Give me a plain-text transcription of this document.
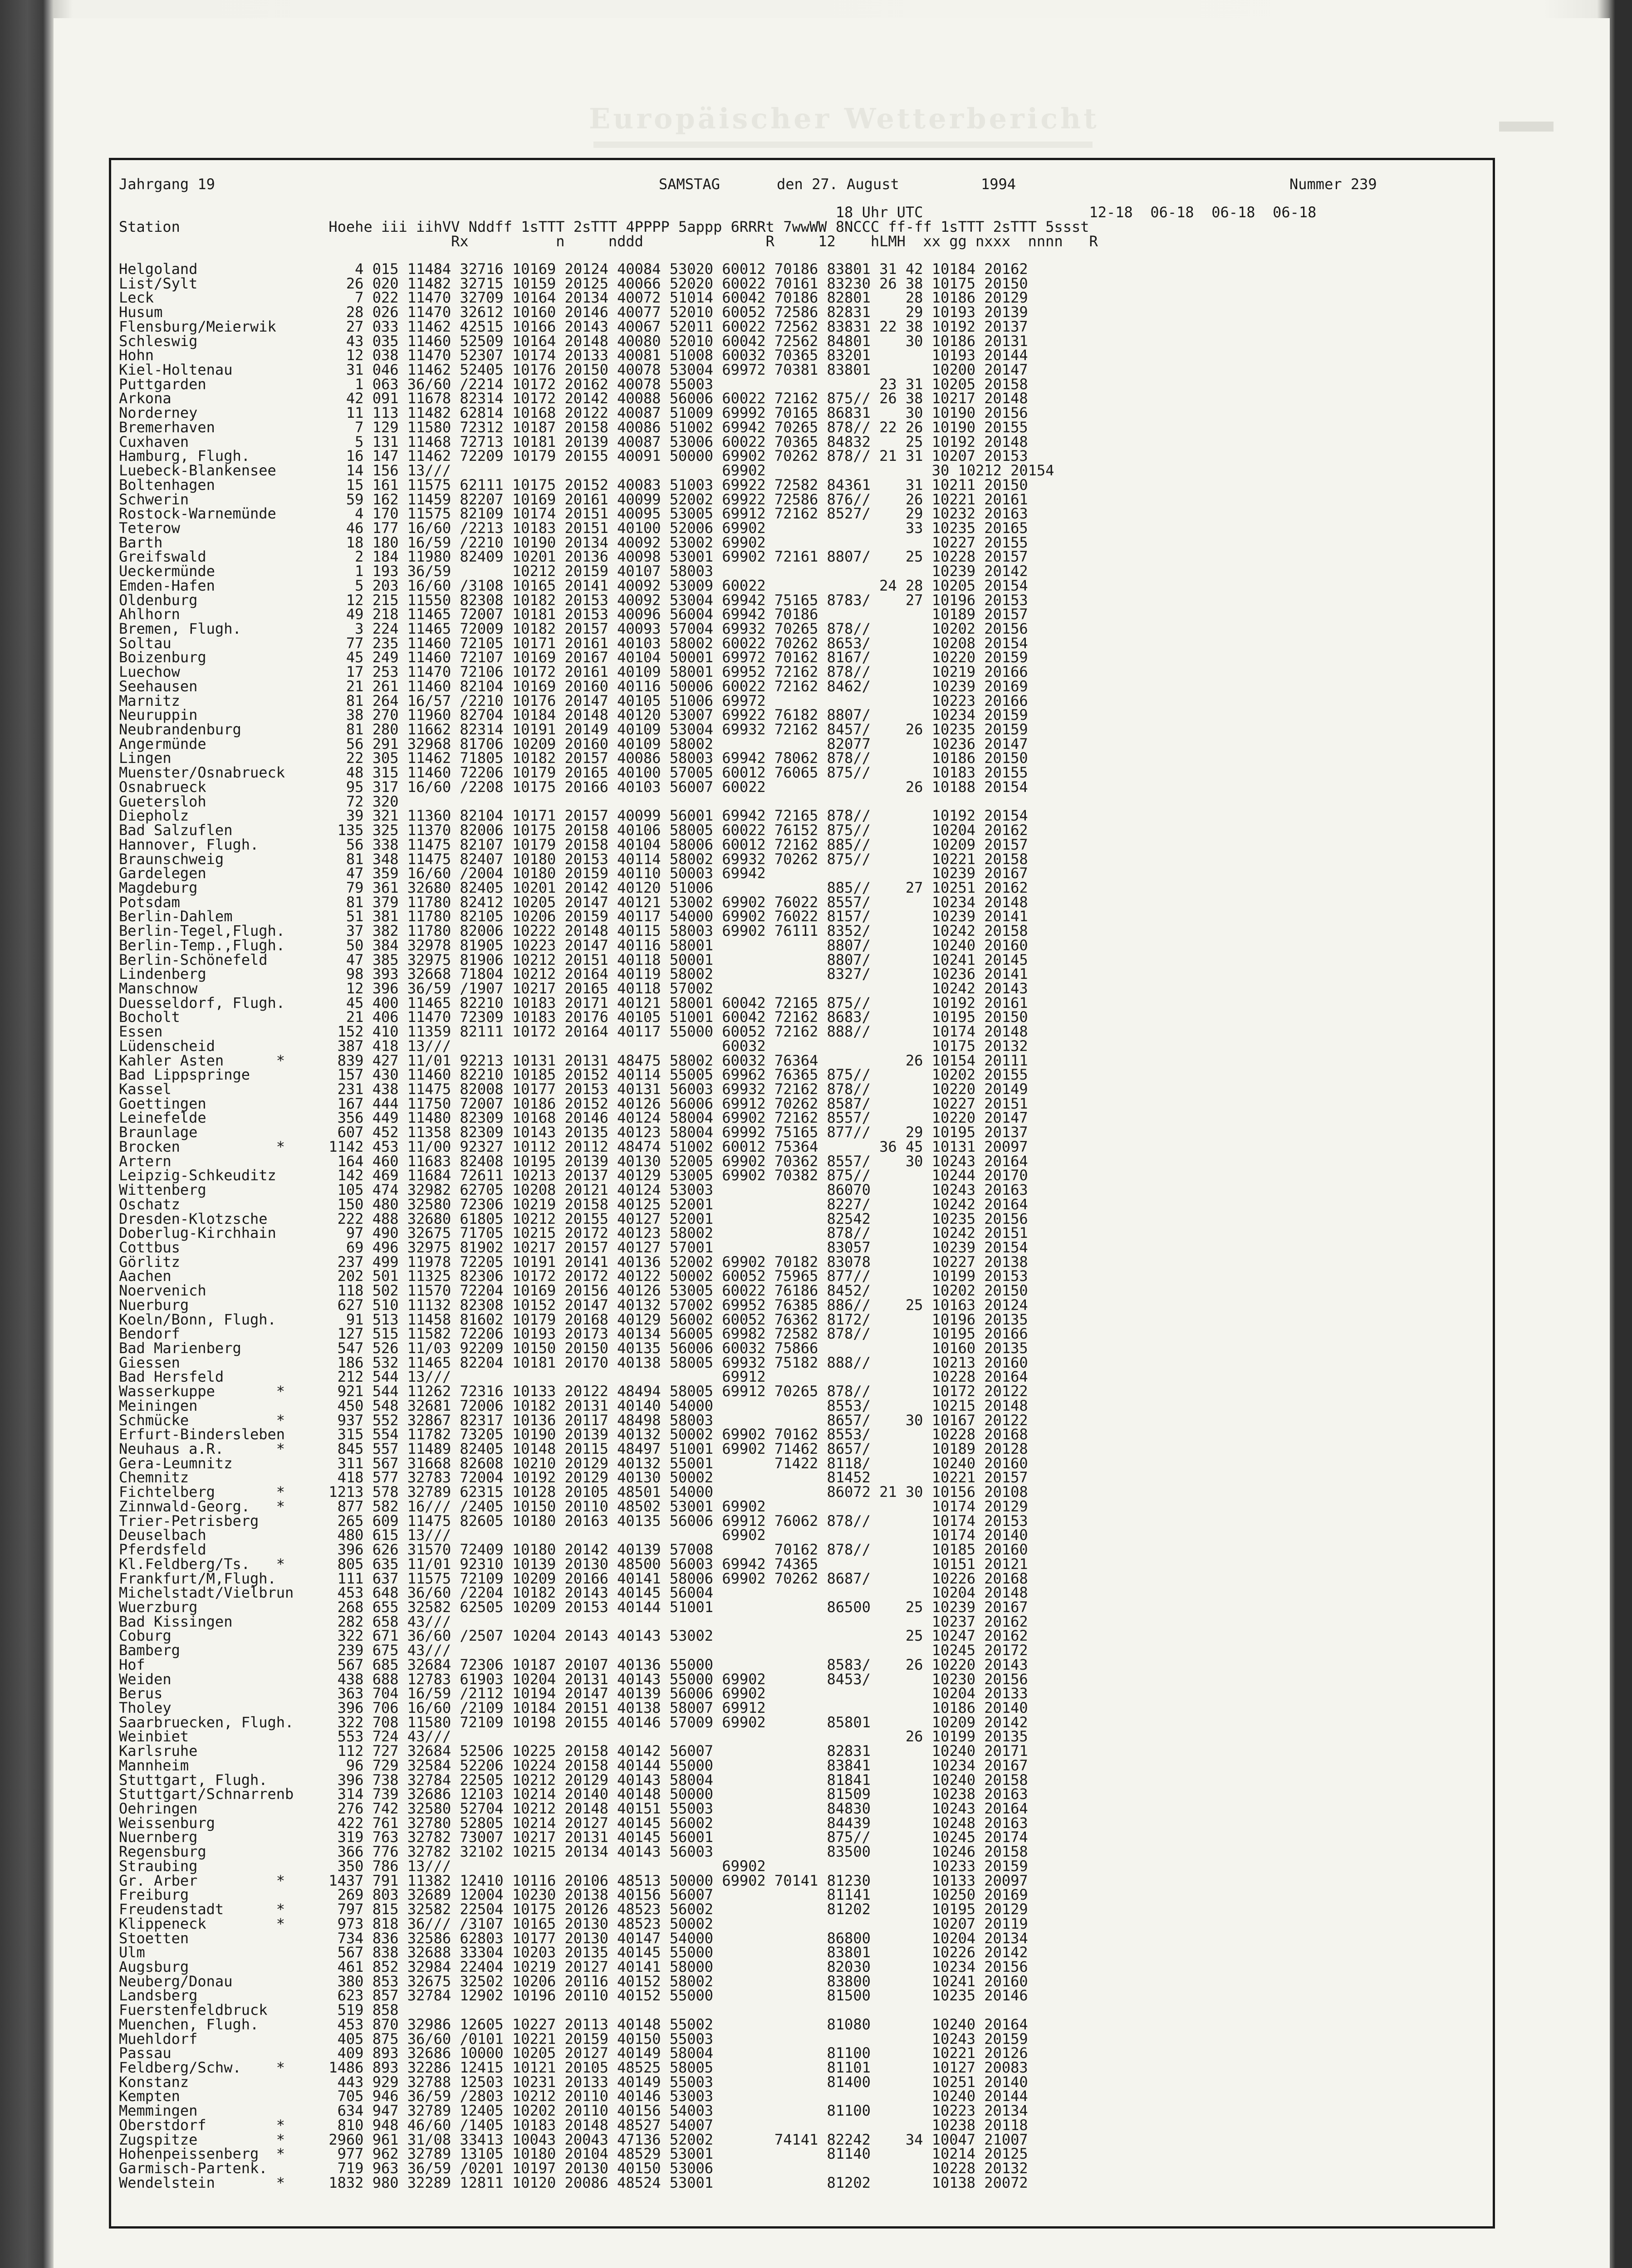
Europäischer Wetterbericht

Jahrgang 19

	SAMSTAG

	den 27. August

	1994

	Nummer 239

18 Uhr UTC                   12-18  06-18  06-18  06-18
Station                 Hoehe iii iihVV Nddff 1sTTT 2sTTT 4PPPP 5appp 6RRRt 7wwWW 8NCCC ff-ff 1sTTT 2sTTT 5ssst
Rx          n     nddd              R     12    hLMH  xx gg nxxx  nnnn   R
Helgoland                  4 015 11484 32716 10169 20124 40084 53020 60012 70186 83801 31 42 10184 20162
List/Sylt                 26 020 11482 32715 10159 20125 40066 52020 60022 70161 83230 26 38 10175 20150
Leck                       7 022 11470 32709 10164 20134 40072 51014 60042 70186 82801    28 10186 20129
Husum                     28 026 11470 32612 10160 20146 40077 52010 60052 72586 82831    29 10193 20139
Flensburg/Meierwik        27 033 11462 42515 10166 20143 40067 52011 60022 72562 83831 22 38 10192 20137
Schleswig                 43 035 11460 52509 10164 20148 40080 52010 60042 72562 84801    30 10186 20131
Hohn                      12 038 11470 52307 10174 20133 40081 51008 60032 70365 83201       10193 20144
Kiel-Holtenau             31 046 11462 52405 10176 20150 40078 53004 69972 70381 83801       10200 20147
Puttgarden                 1 063 36/60 /2214 10172 20162 40078 55003                   23 31 10205 20158
Arkona                    42 091 11678 82314 10172 20142 40088 56006 60022 72162 875// 26 38 10217 20148
Norderney                 11 113 11482 62814 10168 20122 40087 51009 69992 70165 86831    30 10190 20156
Bremerhaven                7 129 11580 72312 10187 20158 40086 51002 69942 70265 878// 22 26 10190 20155
Cuxhaven                   5 131 11468 72713 10181 20139 40087 53006 60022 70365 84832    25 10192 20148
Hamburg, Flugh.           16 147 11462 72209 10179 20155 40091 50000 69902 70262 878// 21 31 10207 20153
Luebeck-Blankensee        14 156 13///                               69902                   30 10212 20154
Boltenhagen               15 161 11575 62111 10175 20152 40083 51003 69922 72582 84361    31 10211 20150
Schwerin                  59 162 11459 82207 10169 20161 40099 52002 69922 72586 876//    26 10221 20161
Rostock-Warnemünde         4 170 11575 82109 10174 20151 40095 53005 69912 72162 8527/    29 10232 20163
Teterow                   46 177 16/60 /2213 10183 20151 40100 52006 69902                33 10235 20165
Barth                     18 180 16/59 /2210 10190 20134 40092 53002 69902                   10227 20155
Greifswald                 2 184 11980 82409 10201 20136 40098 53001 69902 72161 8807/    25 10228 20157
Ueckermünde                1 193 36/59       10212 20159 40107 58003                         10239 20142
Emden-Hafen                5 203 16/60 /3108 10165 20141 40092 53009 60022             24 28 10205 20154
Oldenburg                 12 215 11550 82308 10182 20153 40092 53004 69942 75165 8783/    27 10196 20153
Ahlhorn                   49 218 11465 72007 10181 20153 40096 56004 69942 70186             10189 20157
Bremen, Flugh.             3 224 11465 72009 10182 20157 40093 57004 69932 70265 878//       10202 20156
Soltau                    77 235 11460 72105 10171 20161 40103 58002 60022 70262 8653/       10208 20154
Boizenburg                45 249 11460 72107 10169 20167 40104 50001 69972 70162 8167/       10220 20159
Luechow                   17 253 11470 72106 10172 20161 40109 58001 69952 72162 878//       10219 20166
Seehausen                 21 261 11460 82104 10169 20160 40116 50006 60022 72162 8462/       10239 20169
Marnitz                   81 264 16/57 /2210 10176 20147 40105 51006 69972                   10223 20166
Neuruppin                 38 270 11960 82704 10184 20148 40120 53007 69922 76182 8807/       10234 20159
Neubrandenburg            81 280 11662 82314 10191 20149 40109 53004 69932 72162 8457/    26 10235 20159
Angermünde                56 291 32968 81706 10209 20160 40109 58002             82077       10236 20147
Lingen                    22 305 11462 71805 10182 20157 40086 58003 69942 78062 878//       10186 20150
Muenster/Osnabrueck       48 315 11460 72206 10179 20165 40100 57005 60012 76065 875//       10183 20155
Osnabrueck                95 317 16/60 /2208 10175 20166 40103 56007 60022                26 10188 20154
Guetersloh                72 320
Diepholz                  39 321 11360 82104 10171 20157 40099 56001 69942 72165 878//       10192 20154
Bad Salzuflen            135 325 11370 82006 10175 20158 40106 58005 60022 76152 875//       10204 20162
Hannover, Flugh.          56 338 11475 82107 10179 20158 40104 58006 60012 72162 885//       10209 20157
Braunschweig              81 348 11475 82407 10180 20153 40114 58002 69932 70262 875//       10221 20158
Gardelegen                47 359 16/60 /2004 10180 20159 40110 50003 69942                   10239 20167
Magdeburg                 79 361 32680 82405 10201 20142 40120 51006             885//    27 10251 20162
Potsdam                   81 379 11780 82412 10205 20147 40121 53002 69902 76022 8557/       10234 20148
Berlin-Dahlem             51 381 11780 82105 10206 20159 40117 54000 69902 76022 8157/       10239 20141
Berlin-Tegel,Flugh.       37 382 11780 82006 10222 20148 40115 58003 69902 76111 8352/       10242 20158
Berlin-Temp.,Flugh.       50 384 32978 81905 10223 20147 40116 58001             8807/       10240 20160
Berlin-Schönefeld         47 385 32975 81906 10212 20151 40118 50001             8807/       10241 20145
Lindenberg                98 393 32668 71804 10212 20164 40119 58002             8327/       10236 20141
Manschnow                 12 396 36/59 /1907 10217 20165 40118 57002                         10242 20143
Duesseldorf, Flugh.       45 400 11465 82210 10183 20171 40121 58001 60042 72165 875//       10192 20161
Bocholt                   21 406 11470 72309 10183 20176 40105 51001 60042 72162 8683/       10195 20150
Essen                    152 410 11359 82111 10172 20164 40117 55000 60052 72162 888//       10174 20148
Lüdenscheid              387 418 13///                               60032                   10175 20132
Kahler Asten      *      839 427 11/01 92213 10131 20131 48475 58002 60032 76364          26 10154 20111
Bad Lippspringe          157 430 11460 82210 10185 20152 40114 55005 69962 76365 875//       10202 20155
Kassel                   231 438 11475 82008 10177 20153 40131 56003 69932 72162 878//       10220 20149
Goettingen               167 444 11750 72007 10186 20152 40126 56006 69912 70262 8587/       10227 20151
Leinefelde               356 449 11480 82309 10168 20146 40124 58004 69902 72162 8557/       10220 20147
Braunlage                607 452 11358 82309 10143 20135 40123 58004 69992 75165 877//    29 10195 20137
Brocken           *     1142 453 11/00 92327 10112 20112 48474 51002 60012 75364       36 45 10131 20097
Artern                   164 460 11683 82408 10195 20139 40130 52005 69902 70362 8557/    30 10243 20164
Leipzig-Schkeuditz       142 469 11684 72611 10213 20137 40129 53005 69902 70382 875//       10244 20170
Wittenberg               105 474 32982 62705 10208 20121 40124 53003             86070       10243 20163
Oschatz                  150 480 32580 72306 10219 20158 40125 52001             8227/       10242 20164
Dresden-Klotzsche        222 488 32680 61805 10212 20155 40127 52001             82542       10235 20156
Doberlug-Kirchhain        97 490 32675 71705 10215 20172 40123 58002             878//       10242 20151
Cottbus                   69 496 32975 81902 10217 20157 40127 57001             83057       10239 20154
Görlitz                  237 499 11978 72205 10191 20141 40136 52002 69902 70182 83078       10227 20138
Aachen                   202 501 11325 82306 10172 20172 40122 50002 60052 75965 877//       10199 20153
Noervenich               118 502 11570 72204 10169 20156 40126 53005 60022 76186 8452/       10202 20150
Nuerburg                 627 510 11132 82308 10152 20147 40132 57002 69952 76385 886//    25 10163 20124
Koeln/Bonn, Flugh.        91 513 11458 81602 10179 20168 40129 56002 60052 76362 8172/       10196 20135
Bendorf                  127 515 11582 72206 10193 20173 40134 56005 69982 72582 878//       10195 20166
Bad Marienberg           547 526 11/03 92209 10150 20150 40135 56006 60032 75866             10160 20135
Giessen                  186 532 11465 82204 10181 20170 40138 58005 69932 75182 888//       10213 20160
Bad Hersfeld             212 544 13///                               69912                   10228 20164
Wasserkuppe       *      921 544 11262 72316 10133 20122 48494 58005 69912 70265 878//       10172 20122
Meiningen                450 548 32681 72006 10182 20131 40140 54000             8553/       10215 20148
Schmücke          *      937 552 32867 82317 10136 20117 48498 58003             8657/    30 10167 20122
Erfurt-Bindersleben      315 554 11782 73205 10190 20139 40132 50002 69902 70162 8553/       10228 20168
Neuhaus a.R.      *      845 557 11489 82405 10148 20115 48497 51001 69902 71462 8657/       10189 20128
Gera-Leumnitz            311 567 31668 82608 10210 20129 40132 55001       71422 8118/       10240 20160
Chemnitz                 418 577 32783 72004 10192 20129 40130 50002             81452       10221 20157
Fichtelberg       *     1213 578 32789 62315 10128 20105 48501 54000             86072 21 30 10156 20108
Zinnwald-Georg.   *      877 582 16/// /2405 10150 20110 48502 53001 69902                   10174 20129
Trier-Petrisberg         265 609 11475 82605 10180 20163 40135 56006 69912 76062 878//       10174 20153
Deuselbach               480 615 13///                               69902                   10174 20140
Pferdsfeld               396 626 31570 72409 10180 20142 40139 57008       70162 878//       10185 20160
Kl.Feldberg/Ts.   *      805 635 11/01 92310 10139 20130 48500 56003 69942 74365             10151 20121
Frankfurt/M,Flugh.       111 637 11575 72109 10209 20166 40141 58006 69902 70262 8687/       10226 20168
Michelstadt/Vielbrun     453 648 36/60 /2204 10182 20143 40145 56004                         10204 20148
Wuerzburg                268 655 32582 62505 10209 20153 40144 51001             86500    25 10239 20167
Bad Kissingen            282 658 43///                                                       10237 20162
Coburg                   322 671 36/60 /2507 10204 20143 40143 53002                      25 10247 20162
Bamberg                  239 675 43///                                                       10245 20172
Hof                      567 685 32684 72306 10187 20107 40136 55000             8583/    26 10220 20143
Weiden                   438 688 12783 61903 10204 20131 40143 55000 69902       8453/       10230 20156
Berus                    363 704 16/59 /2112 10194 20147 40139 56006 69902                   10204 20133
Tholey                   396 706 16/60 /2109 10184 20151 40138 58007 69912                   10186 20140
Saarbruecken, Flugh.     322 708 11580 72109 10198 20155 40146 57009 69902       85801       10209 20142
Weinbiet                 553 724 43///                                                    26 10199 20135
Karlsruhe                112 727 32684 52506 10225 20158 40142 56007             82831       10240 20171
Mannheim                  96 729 32584 52206 10224 20158 40144 55000             83841       10234 20167
Stuttgart, Flugh.        396 738 32784 22505 10212 20129 40143 58004             81841       10240 20158
Stuttgart/Schnarrenb     314 739 32686 12103 10214 20140 40148 50000             81509       10238 20163
Oehringen                276 742 32580 52704 10212 20148 40151 55003             84830       10243 20164
Weissenburg              422 761 32780 52805 10214 20127 40145 56002             84439       10248 20163
Nuernberg                319 763 32782 73007 10217 20131 40145 56001             875//       10245 20174
Regensburg               366 776 32782 32102 10215 20134 40143 56003             83500       10246 20158
Straubing                350 786 13///                               69902                   10233 20159
Gr. Arber         *     1437 791 11382 12410 10116 20106 48513 50000 69902 70141 81230       10133 20097
Freiburg                 269 803 32689 12004 10230 20138 40156 56007             81141       10250 20169
Freudenstadt      *      797 815 32582 22504 10175 20126 48523 56002             81202       10195 20129
Klippeneck        *      973 818 36/// /3107 10165 20130 48523 50002                         10207 20119
Stoetten                 734 836 32586 62803 10177 20130 40147 54000             86800       10204 20134
Ulm                      567 838 32688 33304 10203 20135 40145 55000             83801       10226 20142
Augsburg                 461 852 32984 22404 10219 20127 40141 58000             82030       10234 20156
Neuberg/Donau            380 853 32675 32502 10206 20116 40152 58002             83800       10241 20160
Landsberg                623 857 32784 12902 10196 20110 40152 55000             81500       10235 20146
Fuerstenfeldbruck        519 858
Muenchen, Flugh.         453 870 32986 12605 10227 20113 40148 55002             81080       10240 20164
Muehldorf                405 875 36/60 /0101 10221 20159 40150 55003                         10243 20159
Passau                   409 893 32686 10000 10205 20127 40149 58004             81100       10221 20126
Feldberg/Schw.    *     1486 893 32286 12415 10121 20105 48525 58005             81101       10127 20083
Konstanz                 443 929 32788 12503 10231 20133 40149 55003             81400       10251 20140
Kempten                  705 946 36/59 /2803 10212 20110 40146 53003                         10240 20144
Memmingen                634 947 32789 12405 10202 20110 40156 54003             81100       10223 20134
Oberstdorf        *      810 948 46/60 /1405 10183 20148 48527 54007                         10238 20118
Zugspitze         *     2960 961 31/08 33413 10043 20043 47136 52002       74141 82242    34 10047 21007
Hohenpeissenberg  *      977 962 32789 13105 10180 20104 48529 53001             81140       10214 20125
Garmisch-Partenk.        719 963 36/59 /0201 10197 20130 40150 53006                         10228 20132
Wendelstein       *     1832 980 32289 12811 10120 20086 48524 53001             81202       10138 20072
